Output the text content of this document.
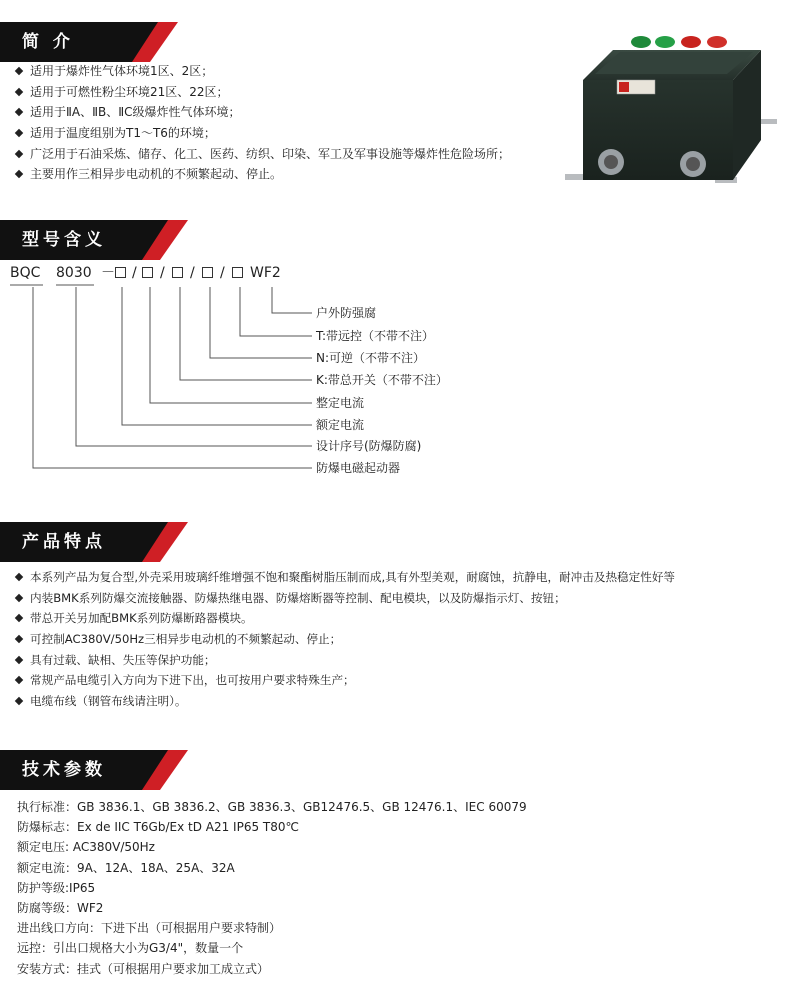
简 介
适用于爆炸性气体环境1区、2区；
适用于可燃性粉尘环境21区、22区；
适用于ⅡA、ⅡB、ⅡC级爆炸性气体环境；
适用于温度组别为T1～T6的环境；
广泛用于石油采炼、储存、化工、医药、纺织、印染、军工及军事设施等爆炸性危险场所；
主要用作三相异步电动机的不频繁起动、停止。
型号含义
BQC 8030 － / / / / WF2
户外防强腐
T:带远控（不带不注）
N:可逆（不带不注）
K:带总开关（不带不注）
整定电流
额定电流
设计序号(防爆防腐)
防爆电磁起动器
产品特点
本系列产品为复合型,外壳采用玻璃纤维增强不饱和聚酯树脂压制而成,具有外型美观，耐腐蚀，抗静电，耐冲击及热稳定性好等
内装BMK系列防爆交流接触器、防爆热继电器、防爆熔断器等控制、配电模块，以及防爆指示灯、按钮；
带总开关另加配BMK系列防爆断路器模块。
可控制AC380V/50Hz三相异步电动机的不频繁起动、停止；
具有过载、缺相、失压等保护功能；
常规产品电缆引入方向为下进下出，也可按用户要求特殊生产；
电缆布线（钢管布线请注明）。
技术参数
执行标准：GB 3836.1、GB 3836.2、GB 3836.3、GB12476.5、GB 12476.1、IEC 60079
防爆标志：Ex de IIC T6Gb/Ex tD A21 IP65 T80℃
额定电压: AC380V/50Hz
额定电流：9A、12A、18A、25A、32A
防护等级:IP65
防腐等级：WF2
进出线口方向：下进下出（可根据用户要求特制）
远控：引出口规格大小为G3/4"，数量一个
安装方式：挂式（可根据用户要求加工成立式）
